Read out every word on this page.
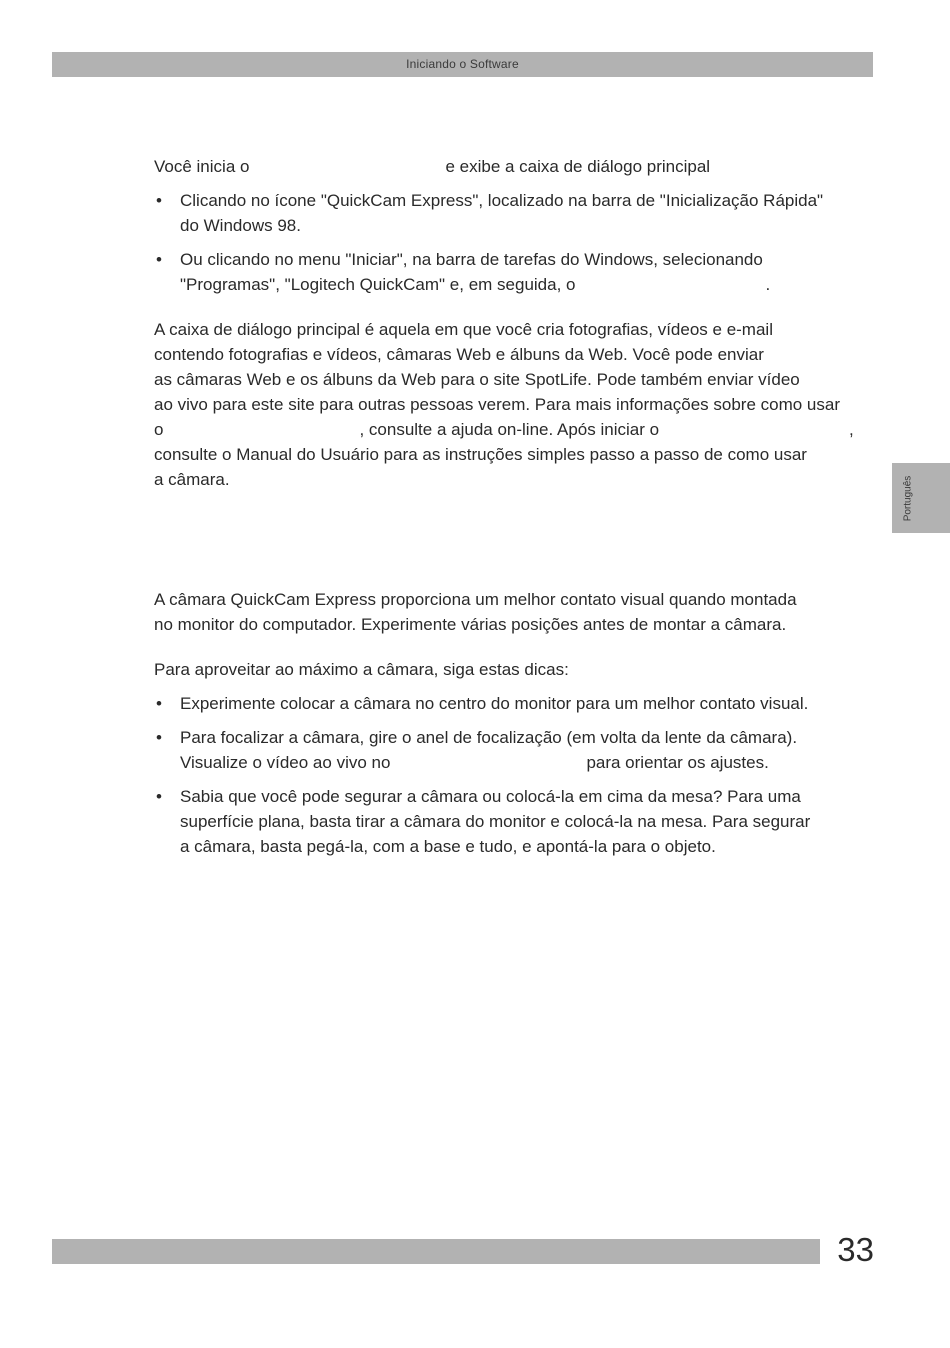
Iniciando o Software
Português

Você inicia o	e exibe a caixa de diálogo principal

• Clicando no ícone "QuickCam Express", localizado na barra de "Inicialização Rápida"
do Windows 98.
• Ou clicando no menu "Iniciar", na barra de tarefas do Windows, selecionando
"Programas", "Logitech QuickCam" e, em seguida, o	.
A caixa de diálogo principal é aquela em que você cria fotografias, vídeos e e-mail
contendo fotografias e vídeos, câmaras Web e álbuns da Web. Você pode enviar
as câmaras Web e os álbuns da Web para o site SpotLife. Pode também enviar vídeo
ao vivo para este site para outras pessoas verem. Para mais informações sobre como usar
o	, consulte a ajuda on-line. Após iniciar o	,
consulte o Manual do Usuário para as instruções simples passo a passo de como usar
a câmara.
A câmara QuickCam Express proporciona um melhor contato visual quando montada
no monitor do computador. Experimente várias posições antes de montar a câmara.

Para aproveitar ao máximo a câmara, siga estas dicas:

• Experimente colocar a câmara no centro do monitor para um melhor contato visual.
• Para focalizar a câmara, gire o anel de focalização (em volta da lente da câmara).
Visualize o vídeo ao vivo no	para orientar os ajustes.
• Sabia que você pode segurar a câmara ou colocá-la em cima da mesa? Para uma
superfície plana, basta tirar a câmara do monitor e colocá-la na mesa. Para segurar
a câmara, basta pegá-la, com a base e tudo, e apontá-la para o objeto.
33
